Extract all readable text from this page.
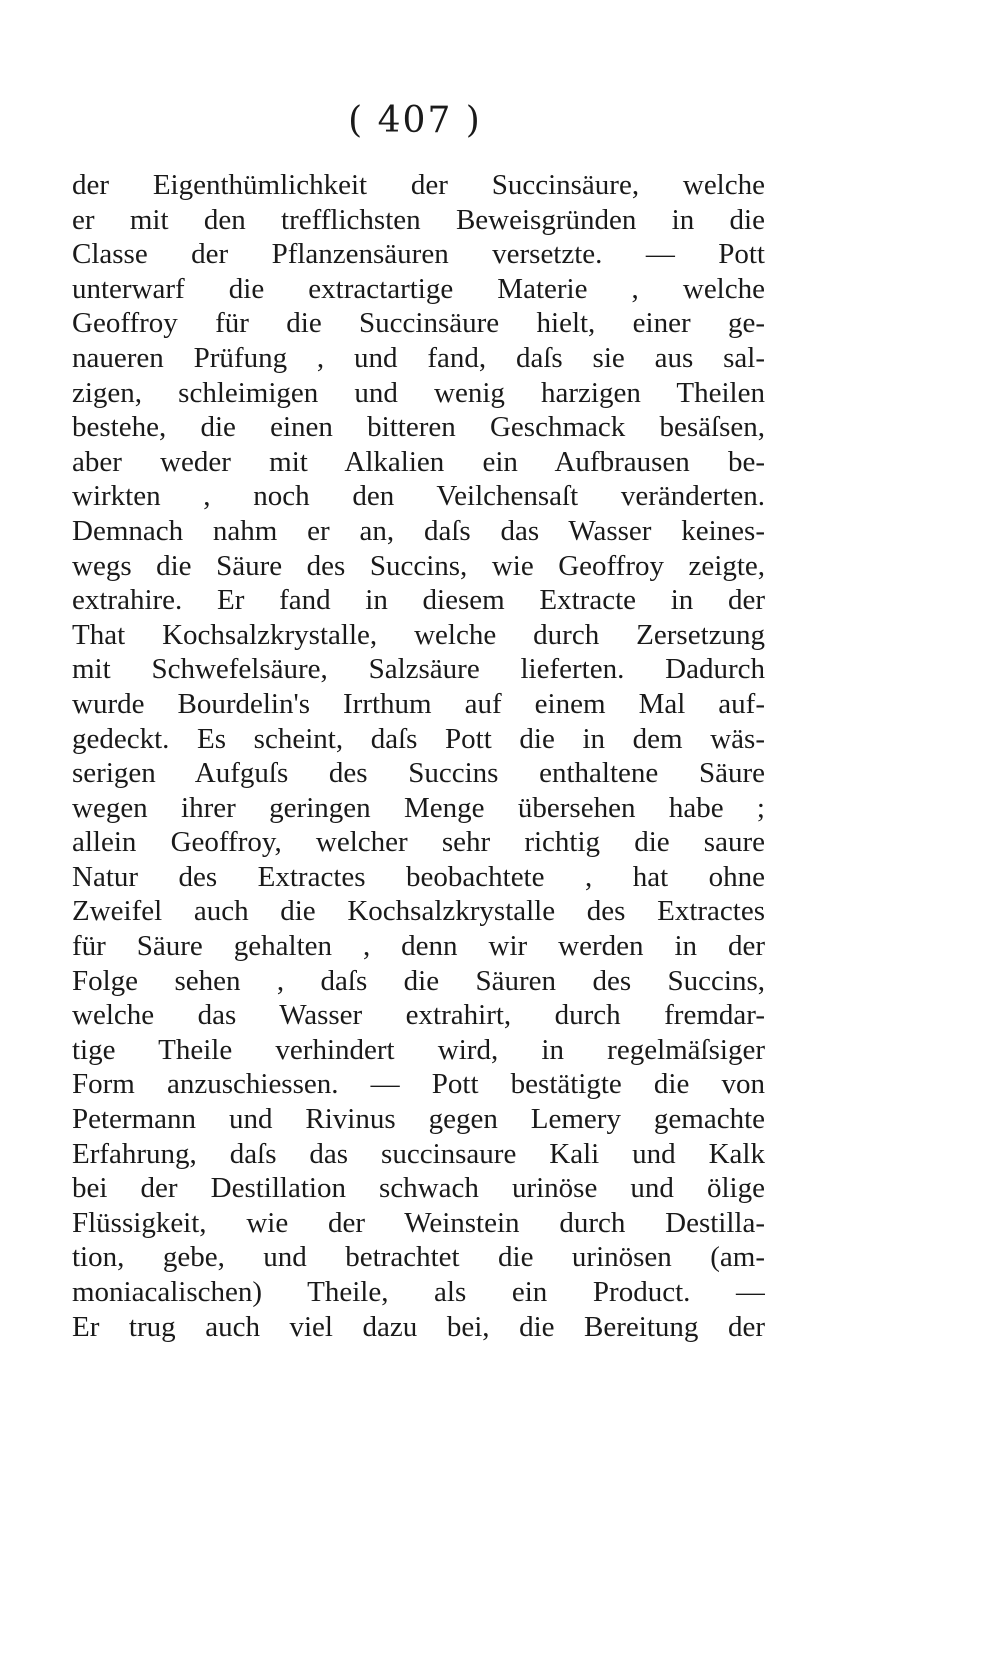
( 407 )
der Eigenthümlichkeit der Succinsäure, welche
er mit den trefflichsten Beweisgründen in die
Classe der Pflanzensäuren versetzte. — Pott
unterwarf die extractartige Materie , welche
Geoffroy für die Succinsäure hielt, einer ge-
naueren Prüfung , und fand, daſs sie aus sal-
zigen, schleimigen und wenig harzigen Theilen
bestehe, die einen bitteren Geschmack besäſsen,
aber weder mit Alkalien ein Aufbrausen be-
wirkten , noch den Veilchensaſt veränderten.
Demnach nahm er an, daſs das Wasser keines-
wegs die Säure des Succins, wie Geoffroy zeigte,
extrahire. Er fand in diesem Extracte in der
That Kochsalzkrystalle, welche durch Zersetzung
mit Schwefelsäure, Salzsäure lieferten. Dadurch
wurde Bourdelin's Irrthum auf einem Mal auf-
gedeckt. Es scheint, daſs Pott die in dem wäs-
serigen Aufguſs des Succins enthaltene Säure
wegen ihrer geringen Menge übersehen habe ;
allein Geoffroy, welcher sehr richtig die saure
Natur des Extractes beobachtete , hat ohne
Zweifel auch die Kochsalzkrystalle des Extractes
für Säure gehalten , denn wir werden in der
Folge sehen , daſs die Säuren des Succins,
welche das Wasser extrahirt, durch fremdar-
tige Theile verhindert wird, in regelmäſsiger
Form anzuschiessen. — Pott bestätigte die von
Petermann und Rivinus gegen Lemery gemachte
Erfahrung, daſs das succinsaure Kali und Kalk
bei der Destillation schwach urinöse und ölige
Flüssigkeit, wie der Weinstein durch Destilla-
tion, gebe, und betrachtet die urinösen (am-
moniacalischen) Theile, als ein Product. —
Er trug auch viel dazu bei, die Bereitung der
